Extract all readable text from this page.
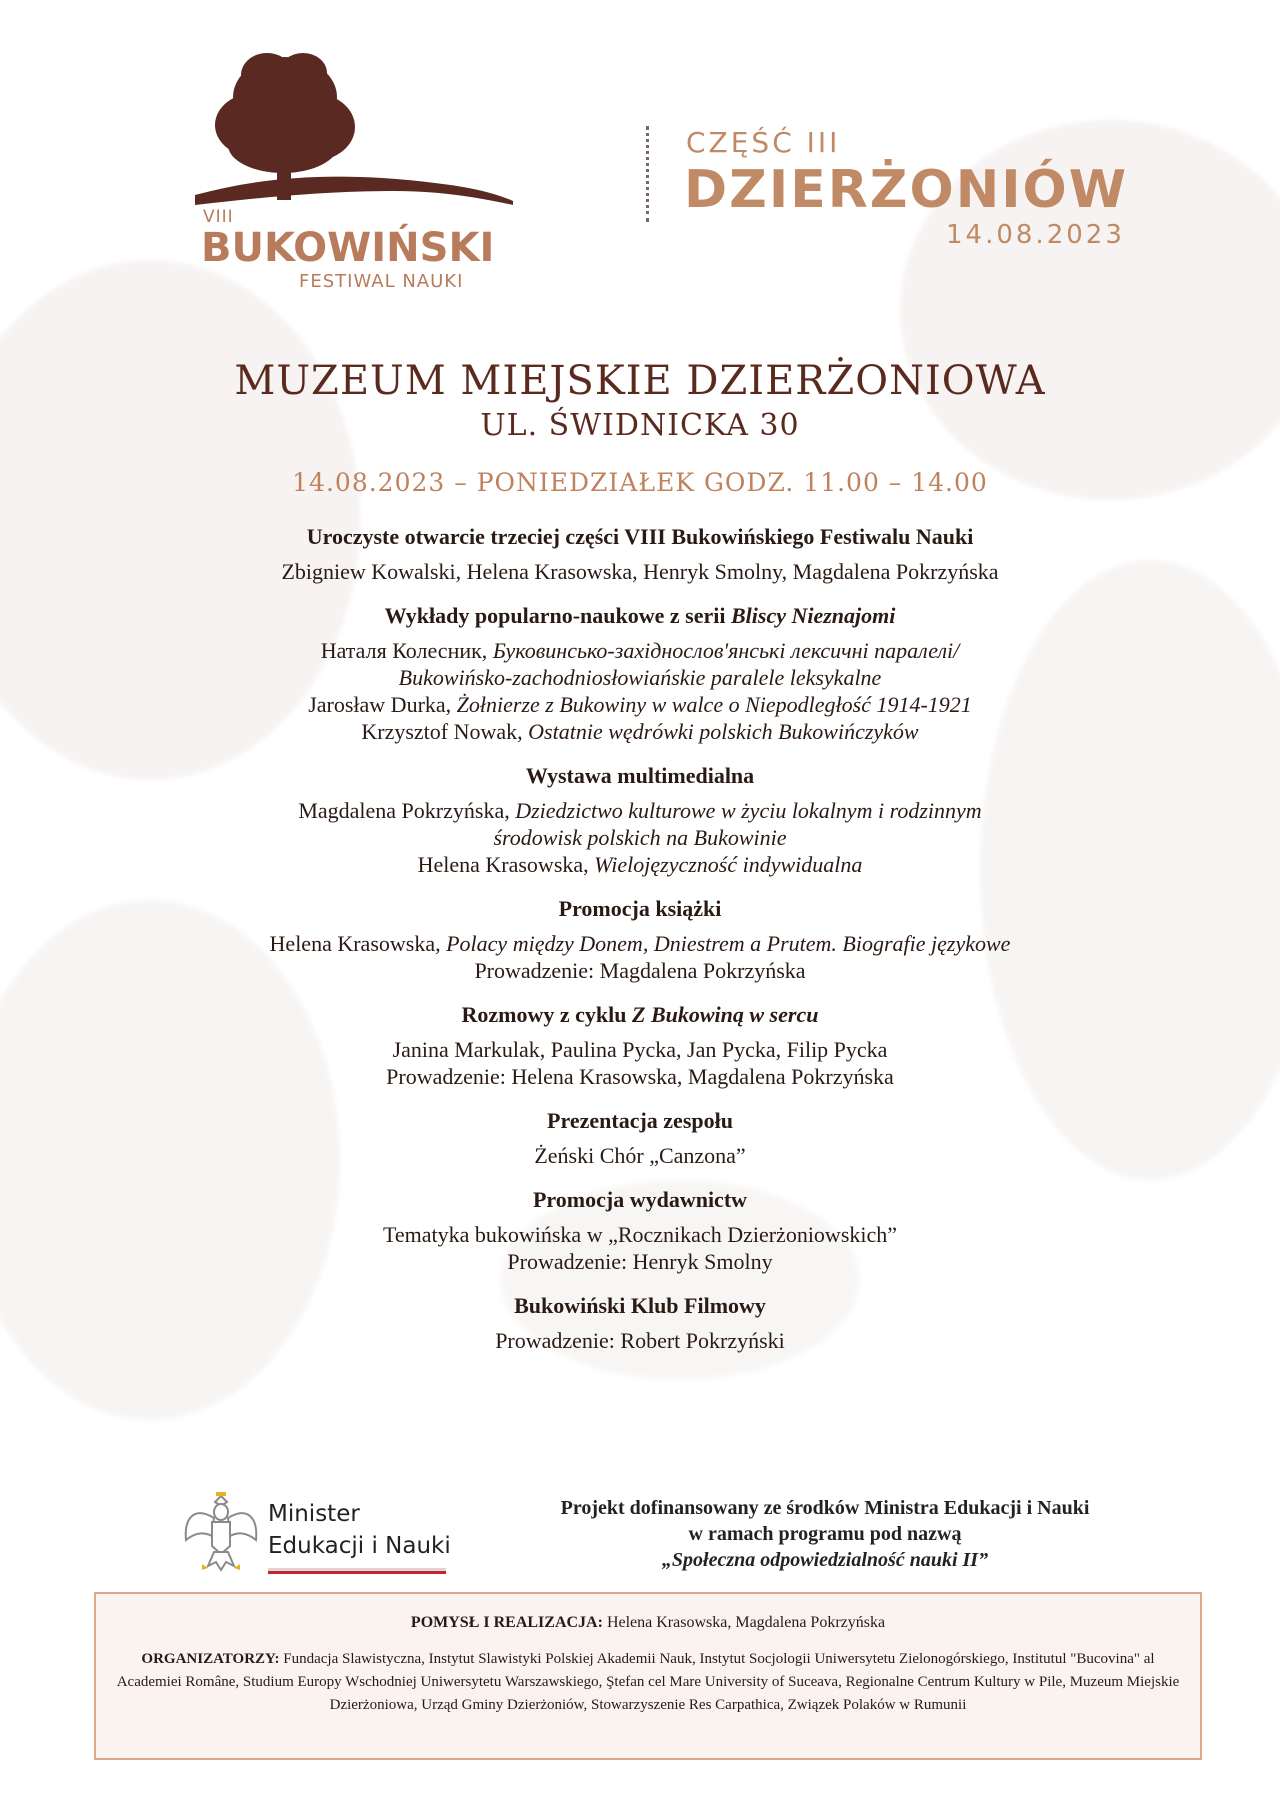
VIII
BUKOWIŃSKI
FESTIWAL NAUKI
CZĘŚĆ III
DZIERŻONIÓW
14.08.2023
MUZEUM MIEJSKIE DZIERŻONIOWA
UL. ŚWIDNICKA 30
14.08.2023 – PONIEDZIAŁEK GODZ. 11.00 – 14.00
Uroczyste otwarcie trzeciej części VIII Bukowińskiego Festiwalu Nauki
Zbigniew Kowalski, Helena Krasowska, Henryk Smolny, Magdalena Pokrzyńska
Wykłady popularno-naukowe z serii Bliscy Nieznajomi
Наталя Колесник, Буковинсько-західнослов'янські лексичні паралелі/
Bukowińsko-zachodniosłowiańskie paralele leksykalne
Jarosław Durka, Żołnierze z Bukowiny w walce o Niepodległość 1914-1921
Krzysztof Nowak, Ostatnie wędrówki polskich Bukowińczyków
Wystawa multimedialna
Magdalena Pokrzyńska, Dziedzictwo kulturowe w życiu lokalnym i rodzinnym
środowisk polskich na Bukowinie
Helena Krasowska, Wielojęzyczność indywidualna
Promocja książki
Helena Krasowska, Polacy między Donem, Dniestrem a Prutem. Biografie językowe
Prowadzenie: Magdalena Pokrzyńska
Rozmowy z cyklu Z Bukowiną w sercu
Janina Markulak, Paulina Pycka, Jan Pycka, Filip Pycka
Prowadzenie: Helena Krasowska, Magdalena Pokrzyńska
Prezentacja zespołu
Żeński Chór „Canzona”
Promocja wydawnictw
Tematyka bukowińska w „Rocznikach Dzierżoniowskich”
Prowadzenie: Henryk Smolny
Bukowiński Klub Filmowy
Prowadzenie: Robert Pokrzyński
Minister
Edukacji i Nauki
Projekt dofinansowany ze środków Ministra Edukacji i Nauki
w ramach programu pod nazwą
„Społeczna odpowiedzialność nauki II”
POMYSŁ I REALIZACJA: Helena Krasowska, Magdalena Pokrzyńska
ORGANIZATORZY: Fundacja Slawistyczna, Instytut Slawistyki Polskiej Akademii Nauk, Instytut Socjologii Uniwersytetu Zielonogórskiego, Institutul "Bucovina" al Academiei Române, Studium Europy Wschodniej Uniwersytetu Warszawskiego, Ştefan cel Mare University of Suceava, Regionalne Centrum Kultury w Pile, Muzeum Miejskie Dzierżoniowa, Urząd Gminy Dzierżoniów, Stowarzyszenie Res Carpathica, Związek Polaków w Rumunii
